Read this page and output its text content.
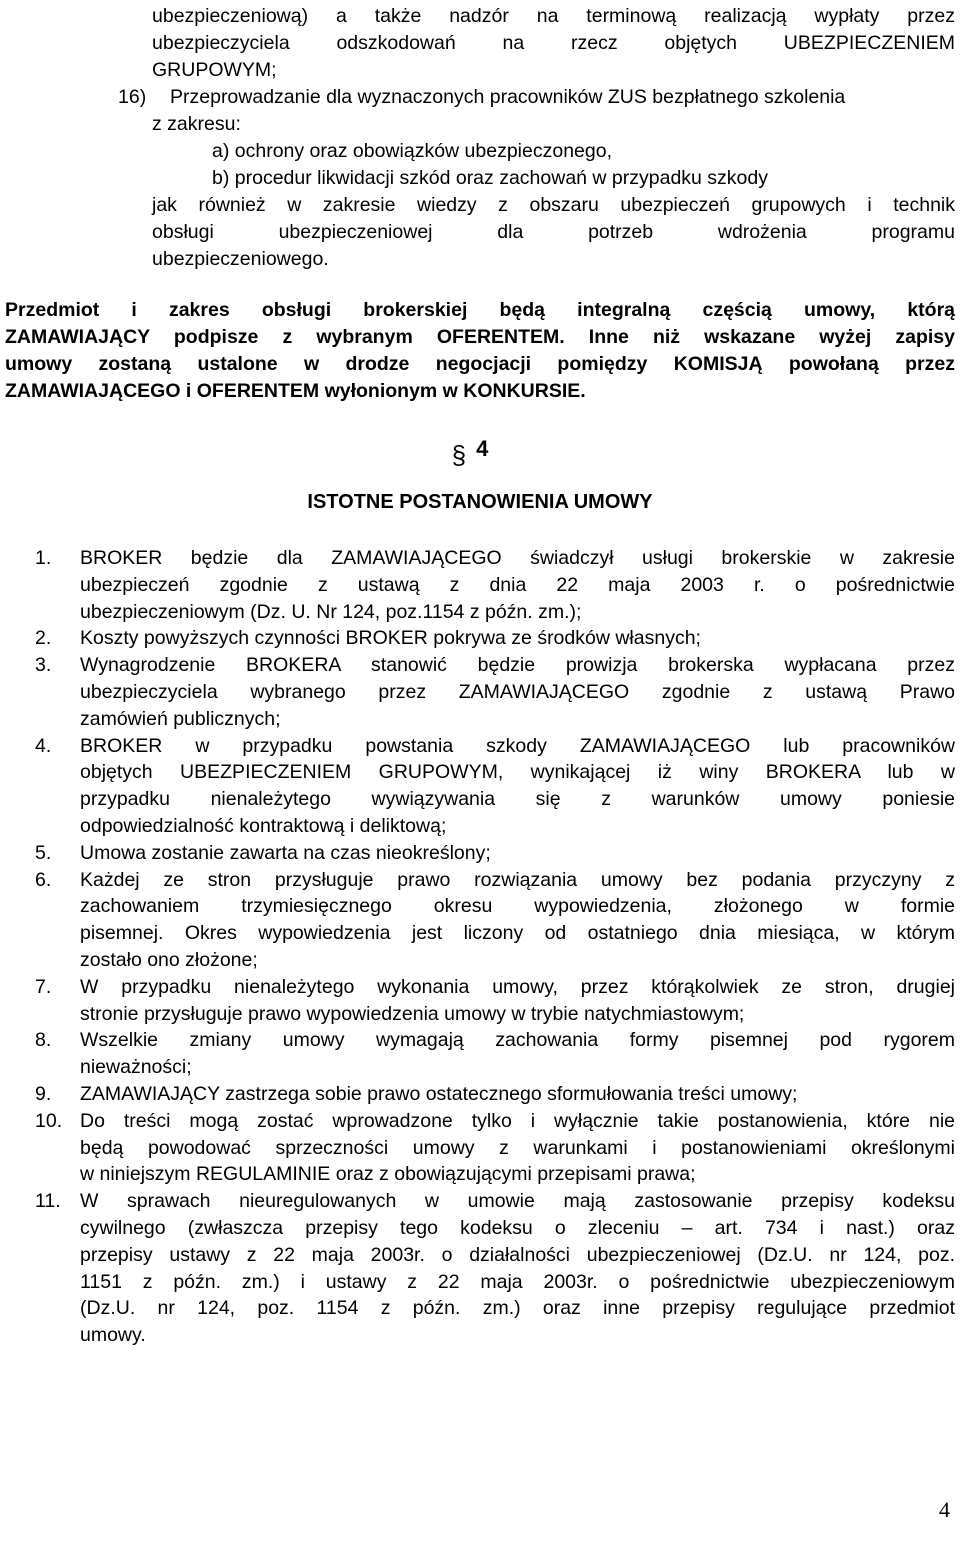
ubezpieczeniową) a także nadzór na terminową realizacją wypłaty przez
ubezpieczyciela odszkodowań na rzecz objętych UBEZPIECZENIEM
GRUPOWYM;
16) Przeprowadzanie dla wyznaczonych pracowników ZUS bezpłatnego szkolenia
z zakresu:
a) ochrony oraz obowiązków ubezpieczonego,
b) procedur likwidacji szkód oraz zachowań w przypadku szkody
jak również w zakresie wiedzy z obszaru ubezpieczeń grupowych i technik
obsługi ubezpieczeniowej dla potrzeb wdrożenia programu
ubezpieczeniowego.
Przedmiot i zakres obsługi brokerskiej będą integralną częścią umowy, którą
ZAMAWIAJĄCY podpisze z wybranym OFERENTEM. Inne niż wskazane wyżej zapisy
umowy zostaną ustalone w drodze negocjacji pomiędzy KOMISJĄ powołaną przez
ZAMAWIAJĄCEGO i OFERENTEM wyłonionym w KONKURSIE.
§ 4
ISTOTNE POSTANOWIENIA UMOWY
1. BROKER będzie dla ZAMAWIAJĄCEGO świadczył usługi brokerskie w zakresie
ubezpieczeń zgodnie z ustawą z dnia 22 maja 2003 r. o pośrednictwie
ubezpieczeniowym (Dz. U. Nr 124, poz.1154 z późn. zm.);
2. Koszty powyższych czynności BROKER pokrywa ze środków własnych;
3. Wynagrodzenie BROKERA stanowić będzie prowizja brokerska wypłacana przez
ubezpieczyciela wybranego przez ZAMAWIAJĄCEGO zgodnie z ustawą Prawo
zamówień publicznych;
4. BROKER w przypadku powstania szkody ZAMAWIAJĄCEGO lub pracowników
objętych UBEZPIECZENIEM GRUPOWYM, wynikającej iż winy BROKERA lub w
przypadku nienależytego wywiązywania się z warunków umowy poniesie
odpowiedzialność kontraktową i deliktową;
5. Umowa zostanie zawarta na czas nieokreślony;
6. Każdej ze stron przysługuje prawo rozwiązania umowy bez podania przyczyny z
zachowaniem trzymiesięcznego okresu wypowiedzenia, złożonego w formie
pisemnej. Okres wypowiedzenia jest liczony od ostatniego dnia miesiąca, w którym
zostało ono złożone;
7. W przypadku nienależytego wykonania umowy, przez którąkolwiek ze stron, drugiej
stronie przysługuje prawo wypowiedzenia umowy w trybie natychmiastowym;
8. Wszelkie zmiany umowy wymagają zachowania formy pisemnej pod rygorem
nieważności;
9. ZAMAWIAJĄCY zastrzega sobie prawo ostatecznego sformułowania treści umowy;
10. Do treści mogą zostać wprowadzone tylko i wyłącznie takie postanowienia, które nie
będą powodować sprzeczności umowy z warunkami i postanowieniami określonymi
w niniejszym REGULAMINIE oraz z obowiązującymi przepisami prawa;
11. W sprawach nieuregulowanych w umowie mają zastosowanie przepisy kodeksu
cywilnego (zwłaszcza przepisy tego kodeksu o zleceniu – art. 734 i nast.) oraz
przepisy ustawy z 22 maja 2003r. o działalności ubezpieczeniowej (Dz.U. nr 124, poz.
1151 z późn. zm.) i ustawy z 22 maja 2003r. o pośrednictwie ubezpieczeniowym
(Dz.U. nr 124, poz. 1154 z późn. zm.) oraz inne przepisy regulujące przedmiot
umowy.
4
